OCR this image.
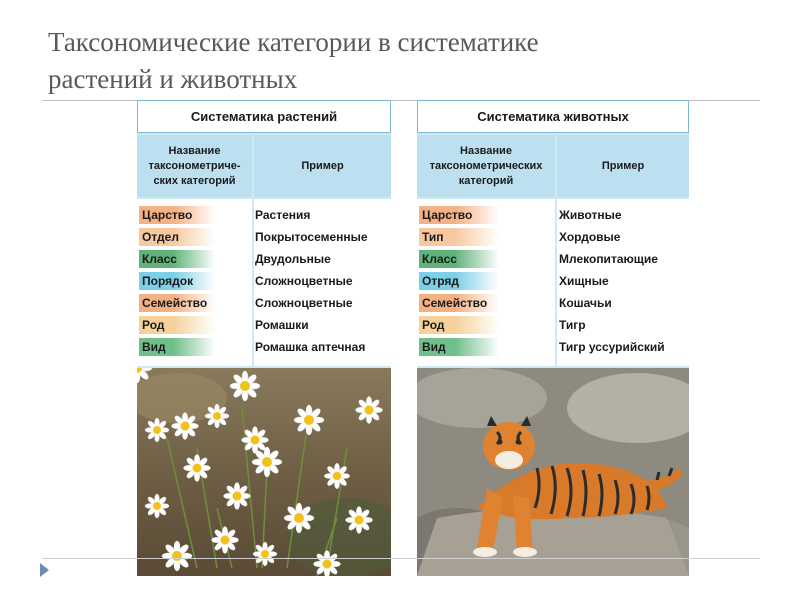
Таксономические категории в систематике
растений и животных
Систематика растений
Название
таксонометриче-
ских категорий
Пример
Царство	Растения
Отдел	Покрытосеменные
Класс	Двудольные
Порядок	Сложноцветные
Семейство	Сложноцветные
Род	Ромашки
Вид	Ромашка аптечная
Систематика животных
Название
таксонометрических
категорий
Пример
Царство	Животные
Тип	Хордовые
Класс	Млекопитающие
Отряд	Хищные
Семейство	Кошачьи
Род	Тигр
Вид	Тигр уссурийский
